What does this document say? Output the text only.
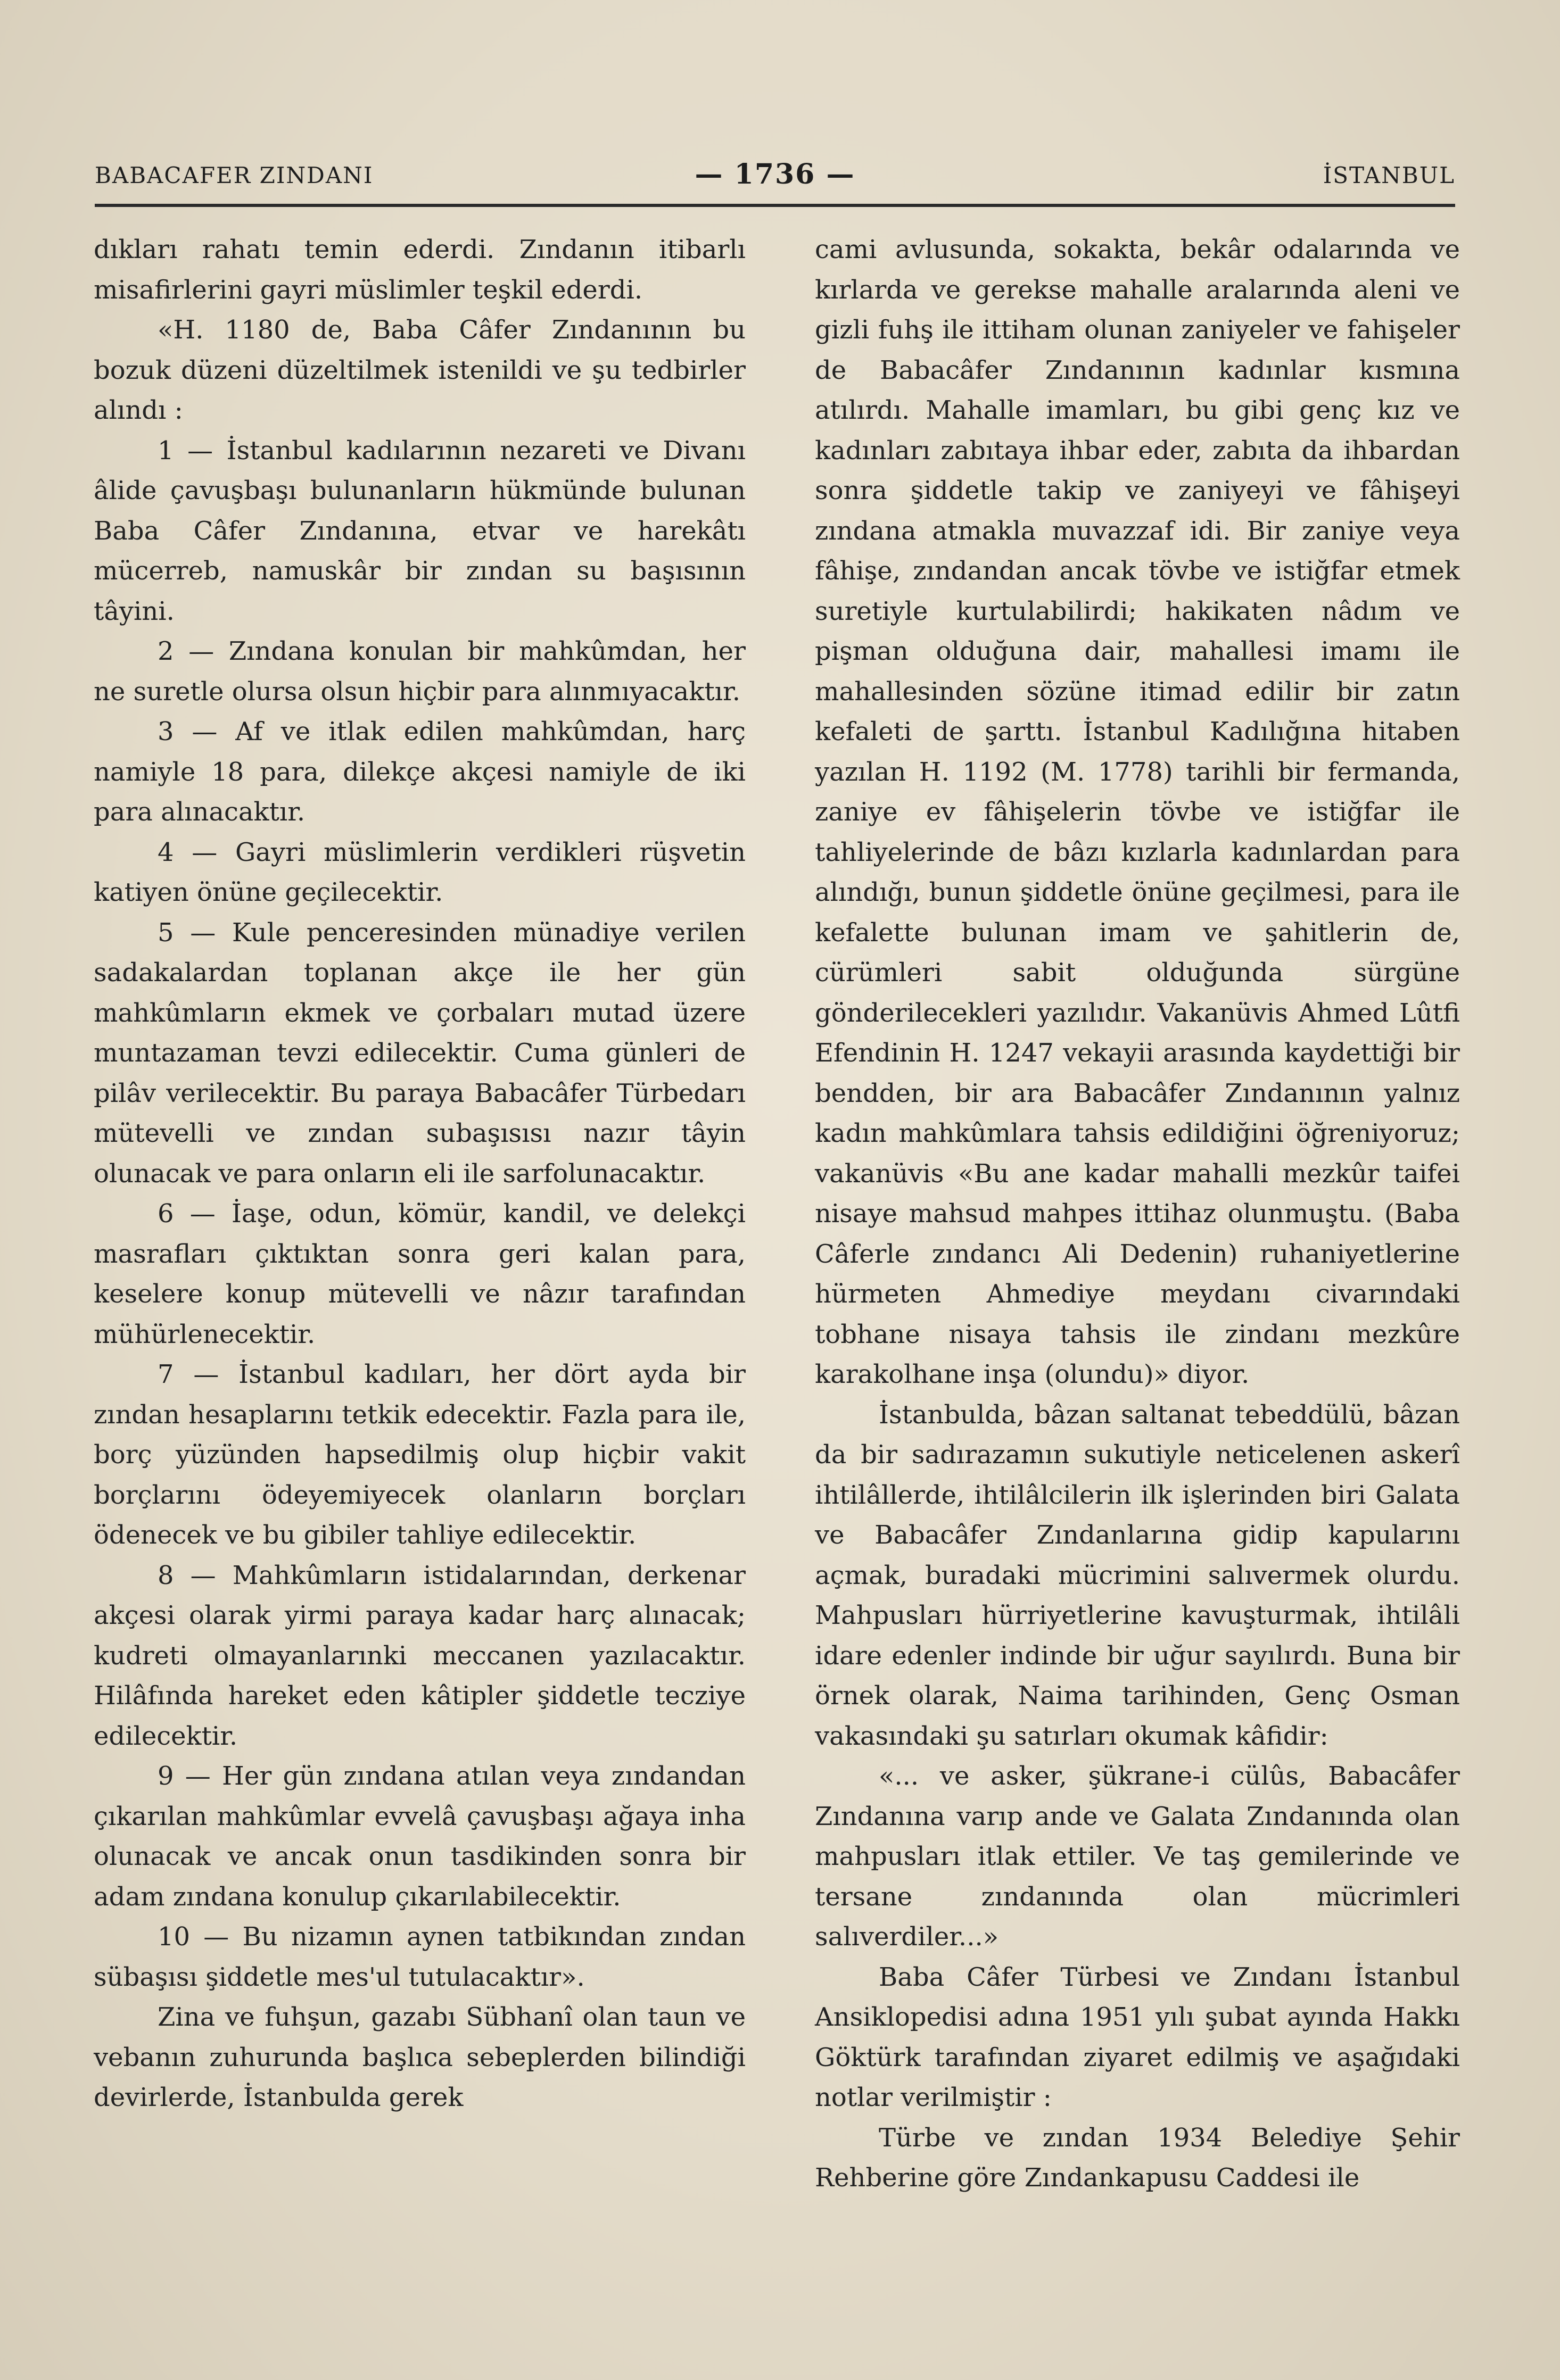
BABACAFER ZINDANI	— 1736 —	İSTANBUL

dıkları rahatı temin ederdi. Zındanın itibarlı misafirlerini gayri müslimler teşkil ederdi.

«H. 1180 de, Baba Câfer Zındanının bu bozuk düzeni düzeltilmek istenildi ve şu tedbirler alındı :

1 — İstanbul kadılarının nezareti ve Divanı âlide çavuşbaşı bulunanların hükmünde bulunan Baba Câfer Zındanına, etvar ve harekâtı mücerreb, namuskâr bir zından su başısının tâyini.

2 — Zındana konulan bir mahkûmdan, her ne suretle olursa olsun hiçbir para alınmıyacaktır.

3 — Af ve itlak edilen mahkûmdan, harç namiyle 18 para, dilekçe akçesi namiyle de iki para alınacaktır.

4 — Gayri müslimlerin verdikleri rüşvetin katiyen önüne geçilecektir.

5 — Kule penceresinden münadiye verilen sadakalardan toplanan akçe ile her gün mahkûmların ekmek ve çorbaları mutad üzere muntazaman tevzi edilecektir. Cuma günleri de pilâv verilecektir. Bu paraya Babacâfer Türbedarı mütevelli ve zından subaşısısı nazır tâyin olunacak ve para onların eli ile sarfolunacaktır.

6 — İaşe, odun, kömür, kandil, ve delekçi masrafları çıktıktan sonra geri kalan para, keselere konup mütevelli ve nâzır tarafından mühürlenecektir.

7 — İstanbul kadıları, her dört ayda bir zından hesaplarını tetkik edecektir. Fazla para ile, borç yüzünden hapsedilmiş olup hiçbir vakit borçlarını ödeyemiyecek olanların borçları ödenecek ve bu gibiler tahliye edilecektir.

8 — Mahkûmların istidalarından, derkenar akçesi olarak yirmi paraya kadar harç alınacak; kudreti olmayanlarınki meccanen yazılacaktır. Hilâfında hareket eden kâtipler şiddetle tecziye edilecektir.

9 — Her gün zındana atılan veya zındandan çıkarılan mahkûmlar evvelâ çavuşbaşı ağaya inha olunacak ve ancak onun tasdikinden sonra bir adam zındana konulup çıkarılabilecektir.

10 — Bu nizamın aynen tatbikından zından sübaşısı şiddetle mes'ul tutulacaktır».

Zina ve fuhşun, gazabı Sübhanî olan taun ve vebanın zuhurunda başlıca sebeplerden bilindiği devirlerde, İstanbulda gerek

cami avlusunda, sokakta, bekâr odalarında ve kırlarda ve gerekse mahalle aralarında aleni ve gizli fuhş ile ittiham olunan zaniyeler ve fahişeler de Babacâfer Zındanının kadınlar kısmına atılırdı. Mahalle imamları, bu gibi genç kız ve kadınları zabıtaya ihbar eder, zabıta da ihbardan sonra şiddetle takip ve zaniyeyi ve fâhişeyi zındana atmakla muvazzaf idi. Bir zaniye veya fâhişe, zındandan ancak tövbe ve istiğfar etmek suretiyle kurtulabilirdi; hakikaten nâdım ve pişman olduğuna dair, mahallesi imamı ile mahallesinden sözüne itimad edilir bir zatın kefaleti de şarttı. İstanbul Kadılığına hitaben yazılan H. 1192 (M. 1778) tarihli bir fermanda, zaniye ev fâhişelerin tövbe ve istiğfar ile tahliyelerinde de bâzı kızlarla kadınlardan para alındığı, bunun şiddetle önüne geçilmesi, para ile kefalette bulunan imam ve şahitlerin de, cürümleri sabit olduğunda sürgüne gönderilecekleri yazılıdır. Vakanüvis Ahmed Lûtfi Efendinin H. 1247 vekayii arasında kaydettiği bir bendden, bir ara Babacâfer Zındanının yalnız kadın mahkûmlara tahsis edildiğini öğreniyoruz; vakanüvis «Bu ane kadar mahalli mezkûr taifei nisaye mahsud mahpes ittihaz olunmuştu. (Baba Câferle zındancı Ali Dedenin) ruhaniyetlerine hürmeten Ahmediye meydanı civarındaki tobhane nisaya tahsis ile zindanı mezkûre karakolhane inşa (olundu)» diyor.

İstanbulda, bâzan saltanat tebeddülü, bâzan da bir sadırazamın sukutiyle neticelenen askerî ihtilâllerde, ihtilâlcilerin ilk işlerinden biri Galata ve Babacâfer Zındanlarına gidip kapularını açmak, buradaki mücrimini salıvermek olurdu. Mahpusları hürriyetlerine kavuşturmak, ihtilâli idare edenler indinde bir uğur sayılırdı. Buna bir örnek olarak, Naima tarihinden, Genç Osman vakasındaki şu satırları okumak kâfidir:

«... ve asker, şükrane-i cülûs, Babacâfer Zındanına varıp ande ve Galata Zındanında olan mahpusları itlak ettiler. Ve taş gemilerinde ve tersane zındanında olan mücrimleri salıverdiler...»

Baba Câfer Türbesi ve Zındanı İstanbul Ansiklopedisi adına 1951 yılı şubat ayında Hakkı Göktürk tarafından ziyaret edilmiş ve aşağıdaki notlar verilmiştir :

Türbe ve zından 1934 Belediye Şehir Rehberine göre Zındankapusu Caddesi ile
